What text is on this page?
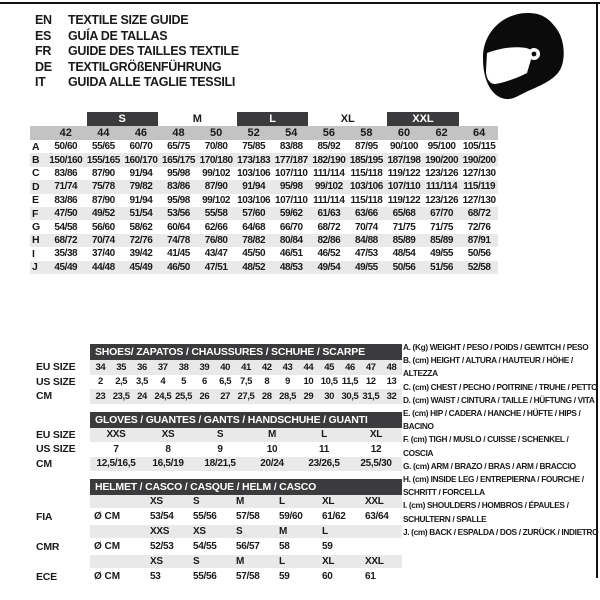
EN	TEXTILE SIZE GUIDE
ES	GUÍA DE TALLAS
FR	GUIDE DES TAILLES TEXTILE
DE	TEXTILGRÖßENFÜHRUNG
IT	GUIDA ALLE TAGLIE TESSILI
S	M	L	XL	XXL
42	44	46	48	50	52	54	56	58	60	62	64
A	50/60	55/65	60/70	65/75	70/80	75/85	83/88	85/92	87/95	90/100 95/100 105/115
B 150/160 155/165 160/170 165/175 170/180 173/183 177/187 182/190 185/195 187/198 190/200 190/200
C	83/86	87/90	91/94	95/98	99/102 103/106 107/110 111/114 115/118 119/122 123/126 127/130
D	71/74	75/78	79/82	83/86	87/90	91/94	95/98	99/102 103/106 107/110 111/114 115/119
E	83/86	87/90	91/94	95/98	99/102 103/106 107/110 111/114 115/118 119/122 123/126 127/130
F	47/50	49/52	51/54	53/56	55/58	57/60	59/62	61/63	63/66	65/68	67/70	68/72
G	54/58	56/60	58/62	60/64	62/66	64/68	66/70	68/72	70/74	71/75	71/75	72/76
H	68/72	70/74	72/76	74/78	76/80	78/82	80/84	82/86	84/88	85/89	85/89	87/91
I	35/38	37/40	39/42	41/45	43/47	45/50	46/51	46/52	47/53	48/54	49/55	50/56
J	45/49	44/48	45/49	46/50	47/51	48/52	48/53	49/54	49/55	50/56	51/56	52/58
SHOES/ ZAPATOS / CHAUSSURES / SCHUHE / SCARPE
EU SIZE	34	35	36	37	38	39	40	41	42	43	44	45	46	47	48
US SIZE	2	2,5 3,5	4	5	6	6,5 7,5	8	9	10 10,5 11,5 12	13
CM	23 23,5 24 24,5 25,5 26	27 27,5 28 28,5 29	30 30,5 31,5 32
GLOVES / GUANTES / GANTS / HANDSCHUHE / GUANTI
EU SIZE	XXS	XS	S	M	L	XL
US SIZE	7	8	9	10	11	12
CM	12,5/16,5	16,5/19	18/21,5	20/24	23/26,5	25,5/30
HELMET / CASCO / CASQUE / HELM / CASCO
XS	S	M	L	XL	XXL
FIA	Ø CM	53/54	55/56	57/58	59/60	61/62	63/64
XXS	XS	S	M	L
CMR	Ø CM	52/53	54/55	56/57	58	59
XS	S	M	L	XL	XXL
ECE	Ø CM	53	55/56	57/58	59	60	61
A. (Kg) WEIGHT / PESO / POIDS / GEWITCH / PESO
B. (cm) HEIGHT / ALTURA / HAUTEUR / HÖHE / ALTEZZA
C. (cm) CHEST / PECHO / POITRINE / TRUHE / PETTO
D. (cm) WAIST / CINTURA / TAILLE / HÜFTUNG / VITA
E. (cm) HIP / CADERA / HANCHE / HÜFTE / HIPS / BACINO
F. (cm) TIGH / MUSLO / CUISSE / SCHENKEL / COSCIA
G. (cm) ARM / BRAZO / BRAS / ARM / BRACCIO
H. (cm) INSIDE LEG / ENTREPIERNA / FOURCHE / SCHRITT / FORCELLA
I. (cm) SHOULDERS / HOMBROS / ÉPAULES / SCHULTERN / SPALLE
J. (cm) BACK / ESPALDA / DOS / ZURÜCK / INDIETRO
